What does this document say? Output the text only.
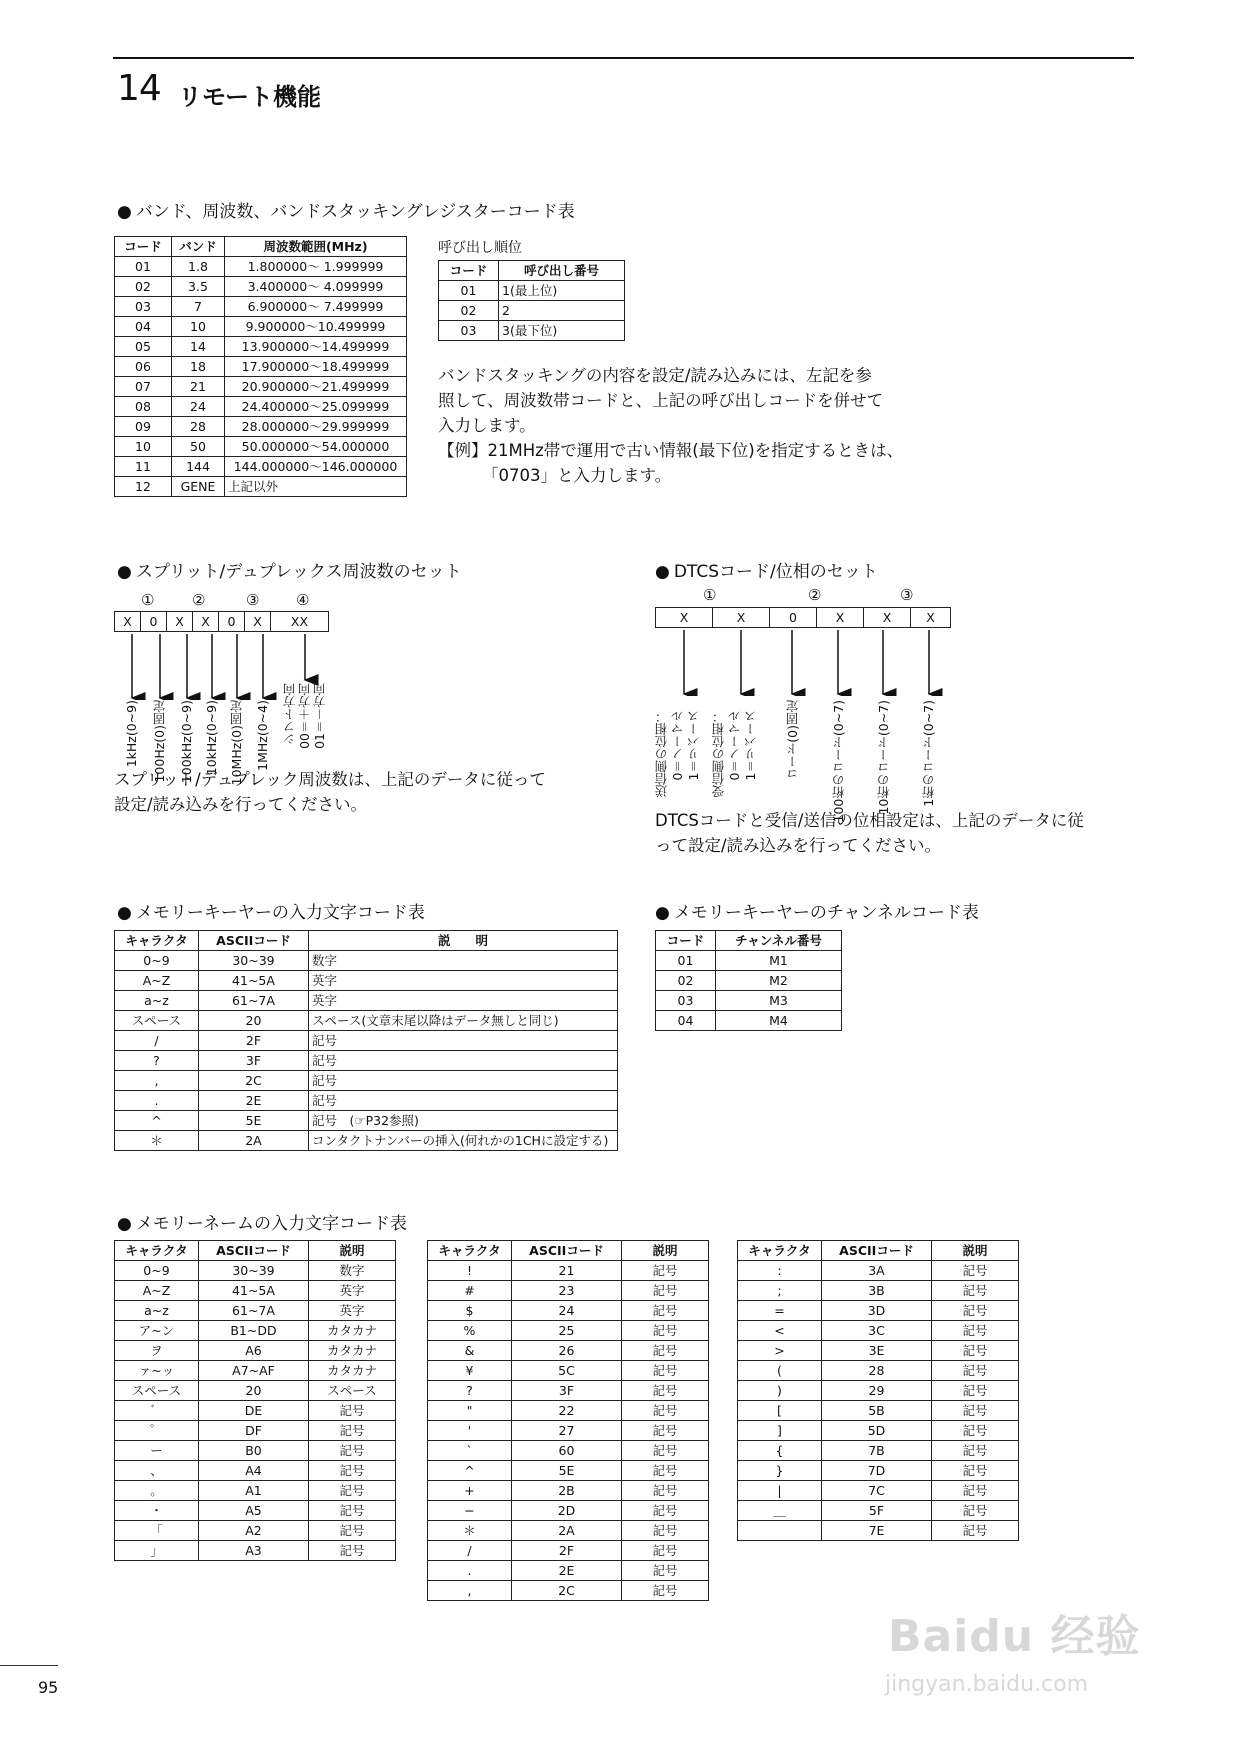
14 リモート機能
● バンド、周波数、バンドスタッキングレジスターコード表
コード	バンド	周波数範囲(MHz)
01	1.8	1.800000～ 1.999999
02	3.5	3.400000～ 4.099999
03	7	6.900000～ 7.499999
04	10	9.900000～10.499999
05	14	13.900000～14.499999
06	18	17.900000～18.499999
07	21	20.900000～21.499999
08	24	24.400000～25.099999
09	28	28.000000～29.999999
10	50	50.000000～54.000000
11	144	144.000000～146.000000
12	GENE	上記以外
呼び出し順位
コード	呼び出し番号
01	1(最上位)
02	2
03	3(最下位)
バンドスタッキングの内容を設定/読み込みには、左記を参
照して、周波数帯コードと、上記の呼び出しコードを併せて
入力します。
【例】21MHz帯で運用で古い情報(最下位)を指定するときは、
「0703」と入力します。
● スプリット/デュプレックス周波数のセット
①	②	③ ④
X	0	X	X	0	X	XX
1kHz(0~9) 100Hz(0)固定 100kHz(0~9) 10kHz(0~9) 10MHz(0)固定 1MHz(0~4) シフト方向 00＝＋方向 01＝－方向
スプリット/デュプレック周波数は、上記のデータに従って
設定/読み込みを行ってください。
● DTCSコード/位相のセット
①	②	③
X	X	0	X	X	X
送信側の位相： 0＝ノーマル 1＝リバース 受信側の位相： 0＝ノーマル 1＝リバース コード(0)固定 100桁のコード(0~7) 10桁のコード(0~7) 1桁のコード(0~7)
DTCSコードと受信/送信の位相設定は、上記のデータに従
って設定/読み込みを行ってください。
● メモリーキーヤーの入力文字コード表
キャラクタ	ASCIIコード	説　　明
0~9	30~39	数字
A~Z	41~5A	英字
a~z	61~7A	英字
スペース	20	スペース(文章末尾以降はデータ無しと同じ)
/	2F	記号
?	3F	記号
,	2C	記号
.	2E	記号
^	5E	記号　(☞P32参照)
＊	2A	コンタクトナンバーの挿入(何れかの1CHに設定する)
● メモリーキーヤーのチャンネルコード表
コード	チャンネル番号
01	M1
02	M2
03	M3
04	M4
● メモリーネームの入力文字コード表
キャラクタ	ASCIIコード	説明
0~9	30~39	数字
A~Z	41~5A	英字
a~z	61~7A	英字
ア~ン	B1~DD	カタカナ
ヲ	A6	カタカナ
ァ~ッ	A7~AF	カタカナ
スペース	20	スペース
゛	DE	記号
゜	DF	記号
ー	B0	記号
、	A4	記号
。	A1	記号
・	A5	記号
「	A2	記号
」	A3	記号
キャラクタ	ASCIIコード	説明
!	21	記号
#	23	記号
$	24	記号
%	25	記号
&	26	記号
¥	5C	記号
?	3F	記号
"	22	記号
'	27	記号
`	60	記号
^	5E	記号
+	2B	記号
−	2D	記号
＊	2A	記号
/	2F	記号
.	2E	記号
,	2C	記号
キャラクタ	ASCIIコード	説明
:	3A	記号
;	3B	記号
=	3D	記号
<	3C	記号
>	3E	記号
(	28	記号
)	29	記号
[	5B	記号
]	5D	記号
{	7B	記号
}	7D	記号
|	7C	記号
＿	5F	記号
	7E	記号
95
Baidu 经验
jingyan.baidu.com
